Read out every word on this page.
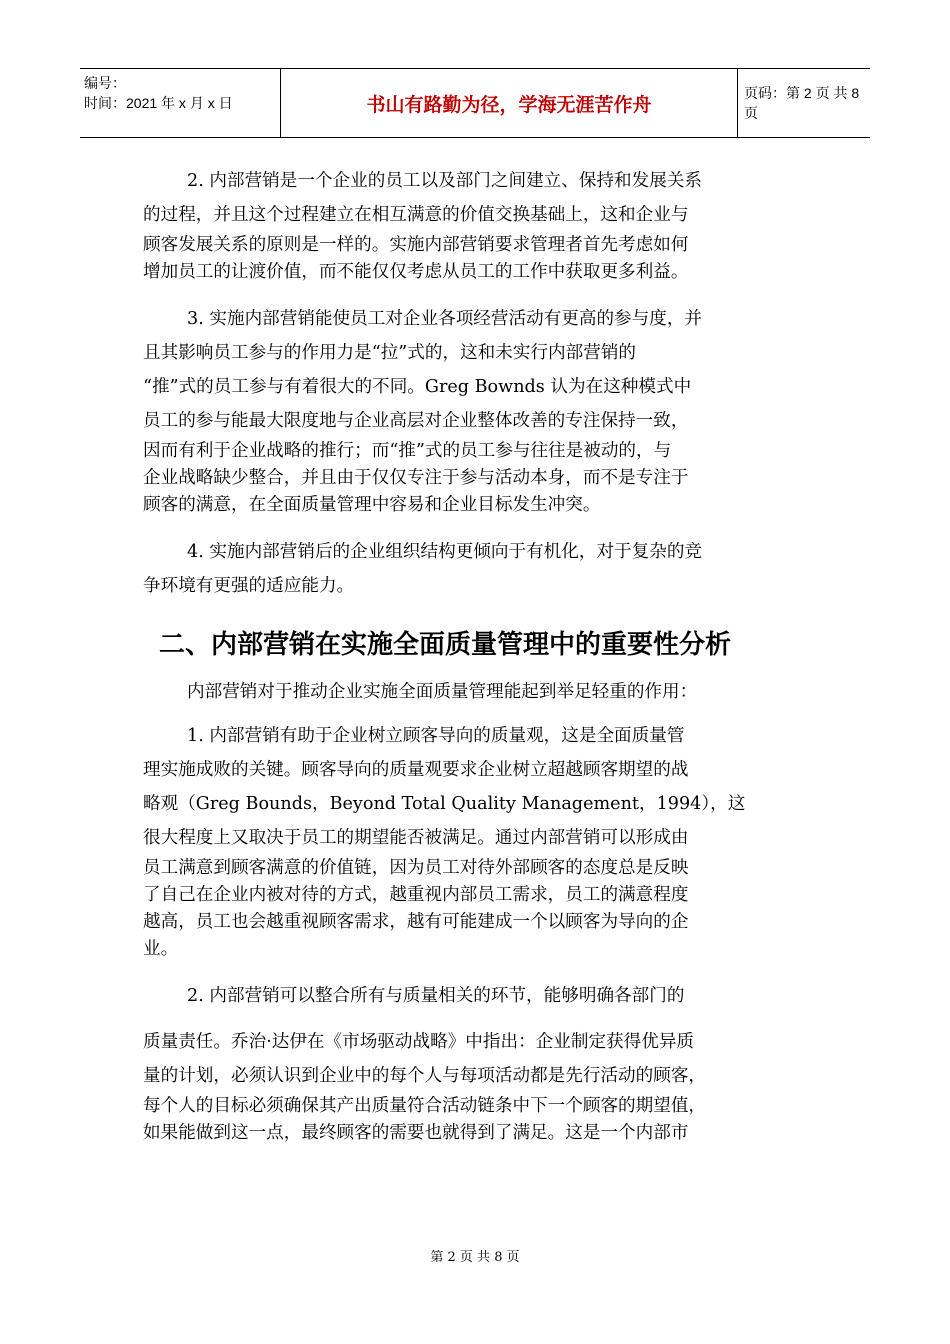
编号：
时间：2021 年 x 月 x 日	书山有路勤为径，学海无涯苦作舟
页码：第 2 页 共 8 页
2. 内部营销是一个企业的员工以及部门之间建立、保持和发展关系
的过程，并且这个过程建立在相互满意的价值交换基础上，这和企业与
顾客发展关系的原则是一样的。实施内部营销要求管理者首先考虑如何
增加员工的让渡价值，而不能仅仅考虑从员工的工作中获取更多利益。
3. 实施内部营销能使员工对企业各项经营活动有更高的参与度，并
且其影响员工参与的作用力是“拉”式的，这和未实行内部营销的
“推”式的员工参与有着很大的不同。Greg Bownds 认为在这种模式中
员工的参与能最大限度地与企业高层对企业整体改善的专注保持一致，
因而有利于企业战略的推行；而“推”式的员工参与往往是被动的，与
企业战略缺少整合，并且由于仅仅专注于参与活动本身，而不是专注于
顾客的满意，在全面质量管理中容易和企业目标发生冲突。
4. 实施内部营销后的企业组织结构更倾向于有机化，对于复杂的竞
争环境有更强的适应能力。
二、内部营销在实施全面质量管理中的重要性分析
内部营销对于推动企业实施全面质量管理能起到举足轻重的作用：
1. 内部营销有助于企业树立顾客导向的质量观，这是全面质量管
理实施成败的关键。顾客导向的质量观要求企业树立超越顾客期望的战
略观（Greg Bounds，Beyond Total Quality Management，1994），这
很大程度上又取决于员工的期望能否被满足。通过内部营销可以形成由
员工满意到顾客满意的价值链，因为员工对待外部顾客的态度总是反映
了自己在企业内被对待的方式，越重视内部员工需求，员工的满意程度
越高，员工也会越重视顾客需求，越有可能建成一个以顾客为导向的企
业。
2. 内部营销可以整合所有与质量相关的环节，能够明确各部门的
质量责任。乔治·达伊在《市场驱动战略》中指出：企业制定获得优异质
量的计划，必须认识到企业中的每个人与每项活动都是先行活动的顾客，
每个人的目标必须确保其产出质量符合活动链条中下一个顾客的期望值，
如果能做到这一点，最终顾客的需要也就得到了满足。这是一个内部市
第 2 页 共 8 页
